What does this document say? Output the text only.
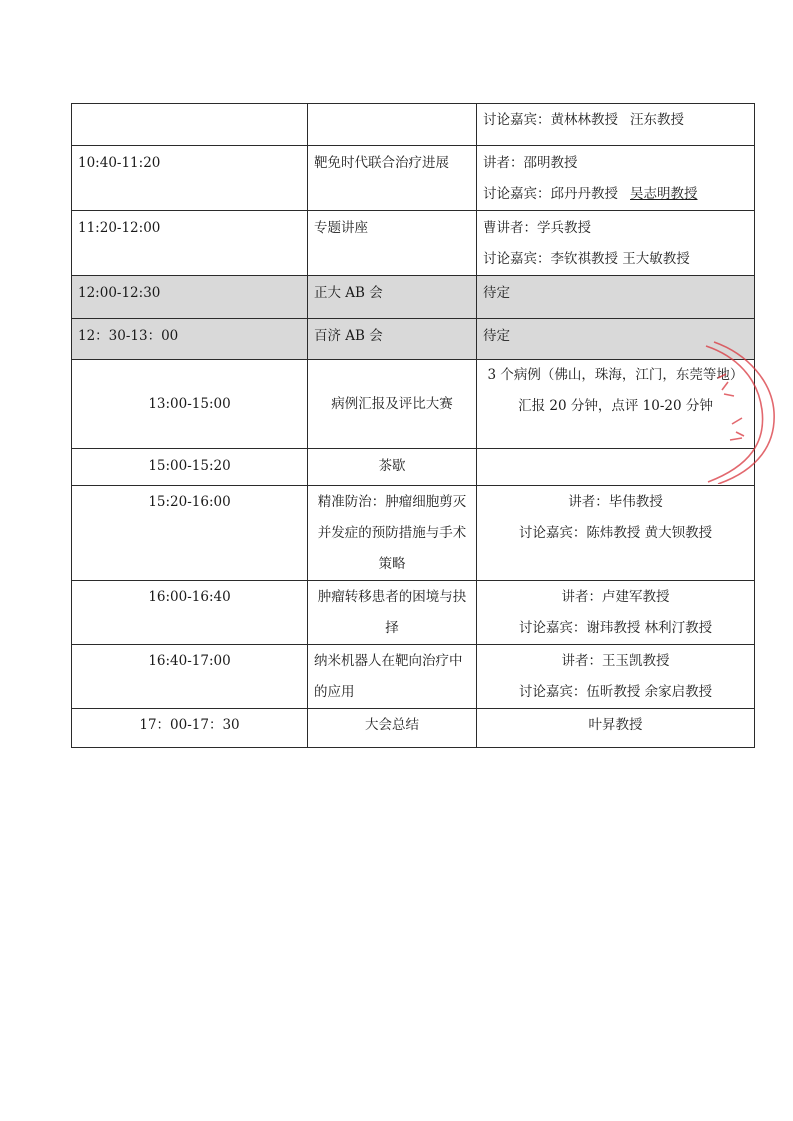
		讨论嘉宾：黄林林教授 汪东教授

10:40-11:20	靶免时代联合治疗进展	讲者：邵明教授
讨论嘉宾：邱丹丹教授 吴志明教授

11:20-12:00	专题讲座	曹讲者：学兵教授
讨论嘉宾：李钦祺教授 王大敏教授

12:00-12:30	正大 AB 会	待定
12：30-13：00	百济 AB 会	待定
13:00-15:00	病例汇报及评比大赛	3 个病例（佛山，珠海，江门，东莞等地）
汇报 20 分钟，点评 10-20 分钟

15:00-15:20	茶歇	
15:20-16:00	精准防治：肿瘤细胞剪灭并发症的预防措施与手术策略	讲者：毕伟教授
讨论嘉宾：陈炜教授 黄大钡教授

16:00-16:40	肿瘤转移患者的困境与抉择	讲者：卢建军教授
讨论嘉宾：谢玮教授 林利汀教授

16:40-17:00	纳米机器人在靶向治疗中的应用	讲者：王玉凯教授
讨论嘉宾：伍昕教授 余家启教授

17：00-17：30	大会总结	叶昇教授
